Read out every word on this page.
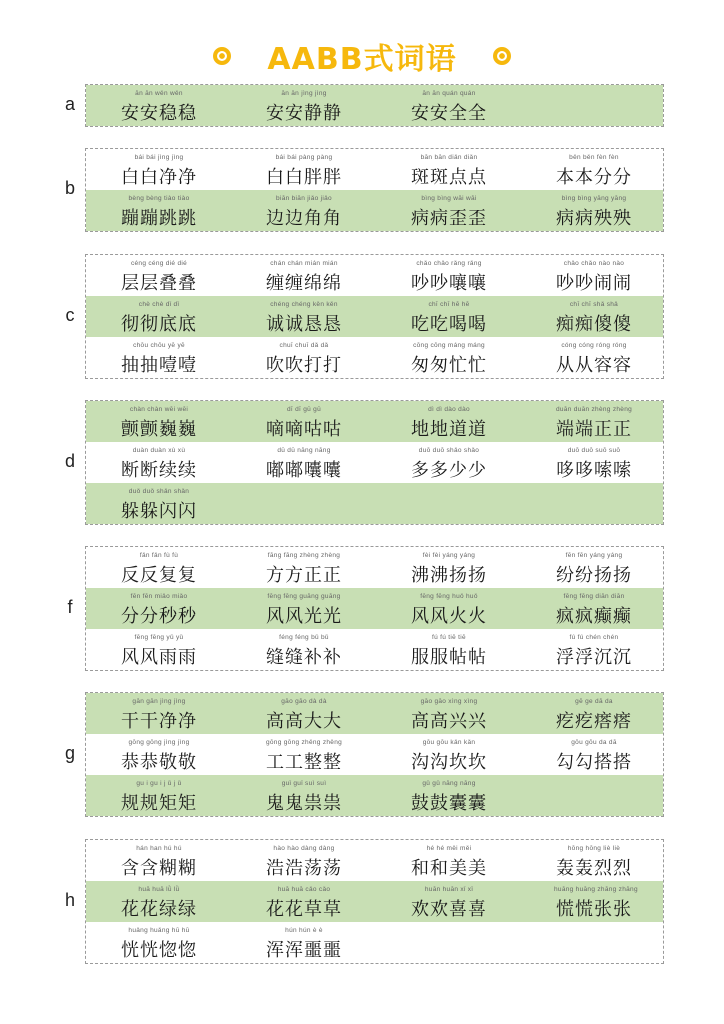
AABB式词语
a	ān ān wěn wěn
安安稳稳
ān ān jìng jìng
安安静静
ān ān quán quán
安安全全
b
bái bái jìng jìng
白白净净
bái bái pàng pàng
白白胖胖
bān bān diǎn diǎn
斑斑点点
běn běn fèn fèn
本本分分
bèng bèng tiào tiào
蹦蹦跳跳
biān biān jiǎo jiǎo
边边角角
bìng bìng wāi wāi
病病歪歪
bìng bìng yāng yāng
病病殃殃
c
céng céng dié dié
层层叠叠
chán chán mián mián
缠缠绵绵
chǎo chǎo rǎng rǎng
吵吵嚷嚷
chǎo chǎo nào nào
吵吵闹闹
chè chè dǐ dǐ
彻彻底底
chéng chéng kěn kěn
诚诚恳恳
chī chī hē hē
吃吃喝喝
chī chī shǎ shǎ
痴痴傻傻
chōu chōu yē yē
抽抽噎噎
chuī chuī dǎ dǎ
吹吹打打
cōng cōng máng máng
匆匆忙忙
cóng cóng róng róng
从从容容
d
chàn chàn wēi wēi
颤颤巍巍
dī dī gū gū
嘀嘀咕咕
dì dì dào dào
地地道道
duān duān zhèng zhèng
端端正正
duàn duàn xù xù
断断续续
dū dū nāng nāng
嘟嘟囔囔
duō duō shǎo shǎo
多多少少
duō duō suō suō
哆哆嗦嗦
duǒ duǒ shǎn shǎn
躲躲闪闪
f
fǎn fǎn fù fù
反反复复
fāng fāng zhèng zhèng
方方正正
fèi fèi yáng yáng
沸沸扬扬
fēn fēn yáng yáng
纷纷扬扬
fēn fēn miǎo miǎo
分分秒秒
fēng fēng guāng guāng
风风光光
fēng fēng huǒ huǒ
风风火火
fēng fēng diān diān
疯疯癫癫
fēng fēng yǔ yǔ
风风雨雨
féng féng bǔ bǔ
缝缝补补
fú fú tiē tiē
服服帖帖
fú fú chén chén
浮浮沉沉
g
gān gān jìng jìng
干干净净
gāo gāo dà dà
高高大大
gāo gāo xìng xìng
高高兴兴
gē ge dā da
疙疙瘩瘩
gōng gōng jìng jìng
恭恭敬敬
gōng gōng zhěng zhěng
工工整整
gōu gōu kǎn kǎn
沟沟坎坎
gōu gōu da dā
勾勾搭搭
gu i gu i j ǔ j ǔ
规规矩矩
guǐ guǐ suì suì
鬼鬼祟祟
gǔ gǔ nāng nāng
鼓鼓囊囊
h
hán han hú hú
含含糊糊
hào hào dàng dàng
浩浩荡荡
hé hé měi měi
和和美美
hōng hōng liè liè
轰轰烈烈
huā huā lǜ lǜ
花花绿绿
huā huā cǎo cǎo
花花草草
huān huān xǐ xǐ
欢欢喜喜
huāng huāng zhāng zhāng
慌慌张张
huǎng huǎng hū hū
恍恍惚惚
hún hún è è
浑浑噩噩
